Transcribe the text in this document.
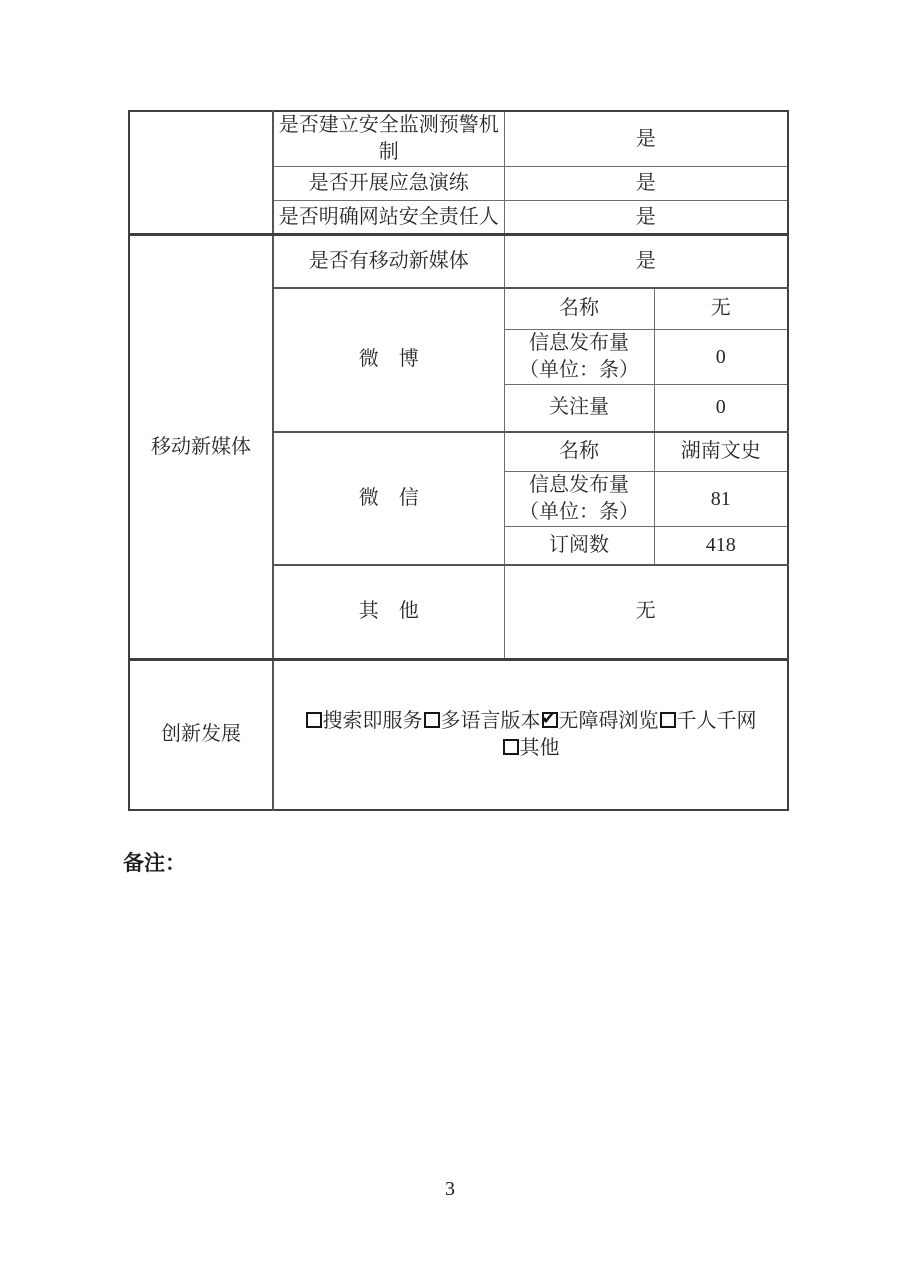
	是否建立安全监测预警机制	是	
	是否开展应急演练	是	
	是否明确网站安全责任人	是	
移动新媒体	是否有移动新媒体	是	
	微　博	名称	无

		信息发布量
（单位：条）	0

		关注量	0
	微　信	名称	湖南文史

		信息发布量
（单位：条）	81

		订阅数	418
	其　他	无	
创新发展	搜索即服务 多语言版本 ✔ 无障碍浏览 千人千网其他
备注：
3
